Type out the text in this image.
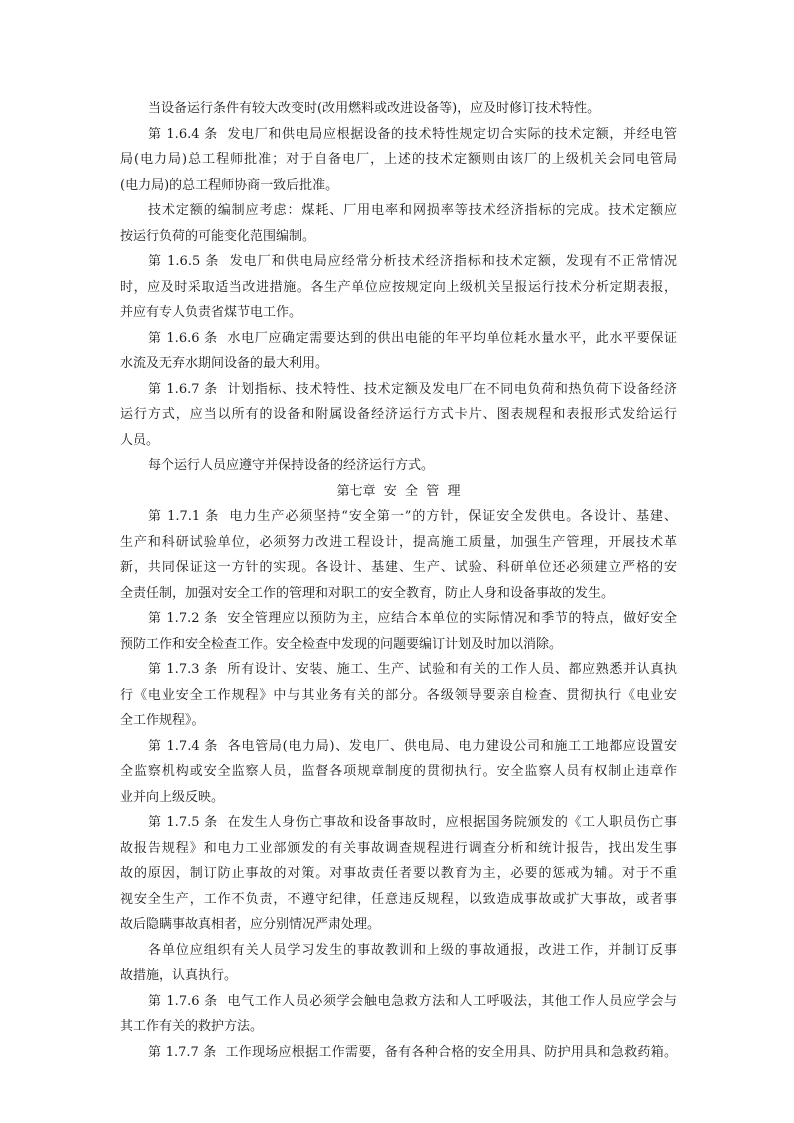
当设备运行条件有较大改变时(改用燃料或改进设备等)，应及时修订技术特性。
第 1.6.4 条  发电厂和供电局应根据设备的技术特性规定切合实际的技术定额，并经电管
局(电力局)总工程师批准；对于自备电厂，上述的技术定额则由该厂的上级机关会同电管局
(电力局)的总工程师协商一致后批准。
技术定额的编制应考虑：煤耗、厂用电率和网损率等技术经济指标的完成。技术定额应
按运行负荷的可能变化范围编制。
第 1.6.5 条  发电厂和供电局应经常分析技术经济指标和技术定额，发现有不正常情况
时，应及时采取适当改进措施。各生产单位应按规定向上级机关呈报运行技术分析定期表报，
并应有专人负责省煤节电工作。
第 1.6.6 条  水电厂应确定需要达到的供出电能的年平均单位耗水量水平，此水平要保证
水流及无弃水期间设备的最大利用。
第 1.6.7 条  计划指标、技术特性、技术定额及发电厂在不同电负荷和热负荷下设备经济
运行方式，应当以所有的设备和附属设备经济运行方式卡片、图表规程和表报形式发给运行
人员。
每个运行人员应遵守并保持设备的经济运行方式。
第七章  安  全  管  理
第 1.7.1 条  电力生产必须坚持“安全第一”的方针，保证安全发供电。各设计、基建、
生产和科研试验单位，必须努力改进工程设计，提高施工质量，加强生产管理，开展技术革
新，共同保证这一方针的实现。各设计、基建、生产、试验、科研单位还必须建立严格的安
全责任制，加强对安全工作的管理和对职工的安全教育，防止人身和设备事故的发生。
第 1.7.2 条  安全管理应以预防为主，应结合本单位的实际情况和季节的特点，做好安全
预防工作和安全检查工作。安全检查中发现的问题要编订计划及时加以消除。
第 1.7.3 条  所有设计、安装、施工、生产、试验和有关的工作人员、都应熟悉并认真执
行《电业安全工作规程》中与其业务有关的部分。各级领导要亲自检查、贯彻执行《电业安
全工作规程》。
第 1.7.4 条  各电管局(电力局)、发电厂、供电局、电力建设公司和施工工地都应设置安
全监察机构或安全监察人员，监督各项规章制度的贯彻执行。安全监察人员有权制止违章作
业并向上级反映。
第 1.7.5 条  在发生人身伤亡事故和设备事故时，应根据国务院颁发的《工人职员伤亡事
故报告规程》和电力工业部颁发的有关事故调查规程进行调查分析和统计报告，找出发生事
故的原因，制订防止事故的对策。对事故责任者要以教育为主，必要的惩戒为辅。对于不重
视安全生产，工作不负责，不遵守纪律，任意违反规程，以致造成事故或扩大事故，或者事
故后隐瞒事故真相者，应分别情况严肃处理。
各单位应组织有关人员学习发生的事故教训和上级的事故通报，改进工作，并制订反事
故措施，认真执行。
第 1.7.6 条  电气工作人员必须学会触电急救方法和人工呼吸法，其他工作人员应学会与
其工作有关的救护方法。
第 1.7.7 条  工作现场应根据工作需要，备有各种合格的安全用具、防护用具和急救药箱。
